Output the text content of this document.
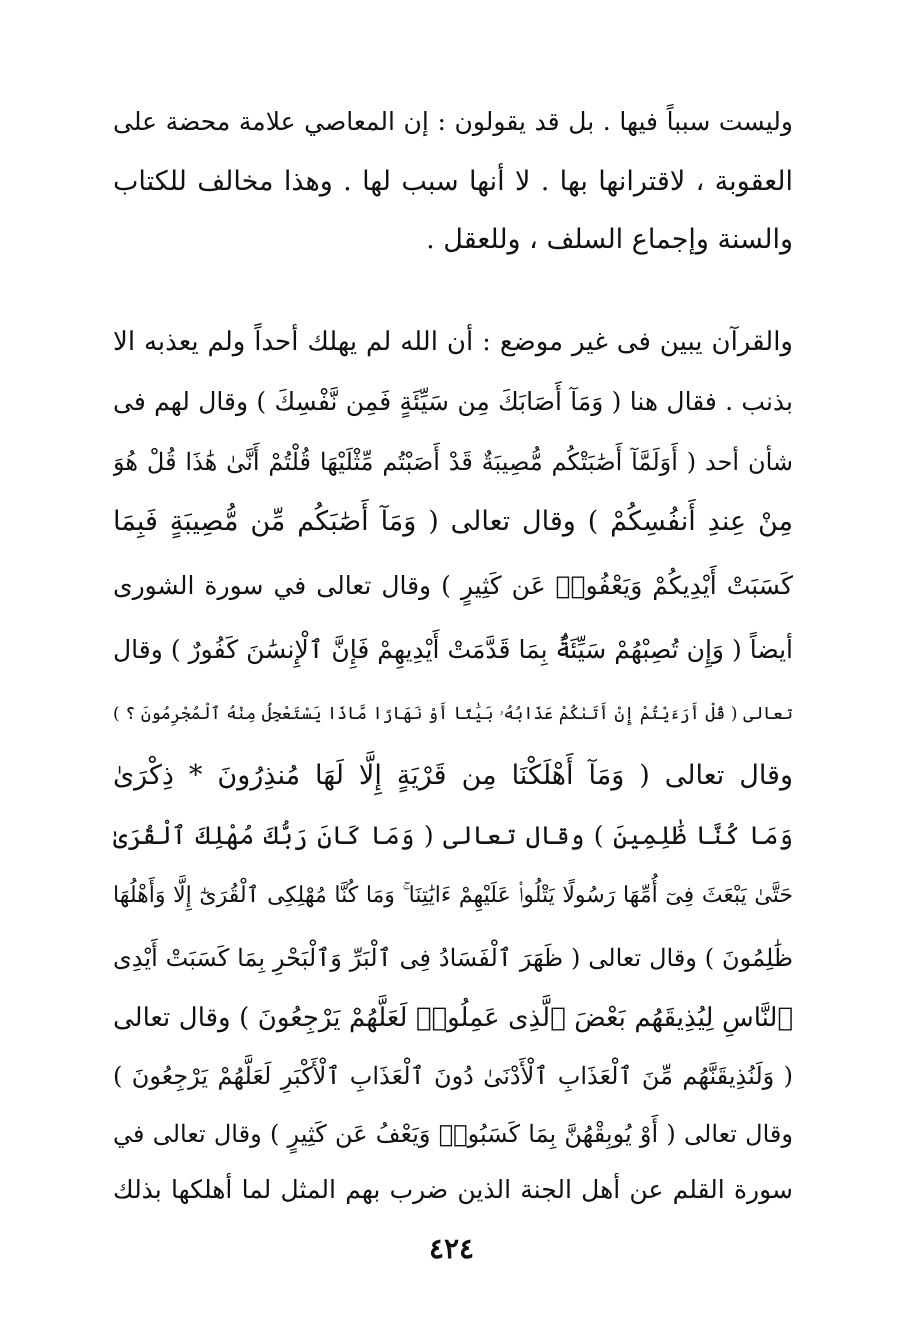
وليست سبباً فيها . بل قد يقولون : إن المعاصي علامة محضة على
العقوبة ، لاقترانها بها . لا أنها سبب لها . وهذا مخالف للكتاب
والسنة وإجماع السلف ، وللعقل .
والقرآن يبين فى غير موضع : أن الله لم يهلك أحداً ولم يعذبه الا
بذنب . فقال هنا ( وَمَآ أَصَابَكَ مِن سَيِّئَةٍ فَمِن نَّفْسِكَ ) وقال لهم فى
شأن أحد ( أَوَلَمَّآ أَصَٰبَتْكُم مُّصِيبَةٌ قَدْ أَصَبْتُم مِّثْلَيْهَا قُلْتُمْ أَنَّىٰ هَٰذَا قُلْ هُوَ
مِنْ عِندِ أَنفُسِكُمْ ) وقال تعالى ( وَمَآ أَصَٰبَكُم مِّن مُّصِيبَةٍ فَبِمَا
كَسَبَتْ أَيْدِيكُمْ وَيَعْفُوا۟ عَن كَثِيرٍ ) وقال تعالى في سورة الشورى
أيضاً ( وَإِن تُصِبْهُمْ سَيِّئَةٌۢ بِمَا قَدَّمَتْ أَيْدِيهِمْ فَإِنَّ ٱلْإِنسَٰنَ كَفُورٌ ) وقال
تعالى ( قُلْ أَرَءَيْتُمْ إِنْ أَتَىٰكُمْ عَذَابُهُۥ بَيَٰتًا أَوْ نَهَارًا مَّاذَا يَسْتَعْجِلُ مِنْهُ ٱلْمُجْرِمُونَ ؟ )
وقال تعالى ( وَمَآ أَهْلَكْنَا مِن قَرْيَةٍ إِلَّا لَهَا مُنذِرُونَ * ذِكْرَىٰ
وَمَا كُنَّا ظَٰلِمِينَ ) وقال تعالى ( وَمَا كَانَ رَبُّكَ مُهْلِكَ ٱلْقُرَىٰ
حَتَّىٰ يَبْعَثَ فِىٓ أُمِّهَا رَسُولًا يَتْلُوا۟ عَلَيْهِمْ ءَايَٰتِنَا ۚ وَمَا كُنَّا مُهْلِكِى ٱلْقُرَىٰٓ إِلَّا وَأَهْلُهَا
ظَٰلِمُونَ ) وقال تعالى ( ظَهَرَ ٱلْفَسَادُ فِى ٱلْبَرِّ وَٱلْبَحْرِ بِمَا كَسَبَتْ أَيْدِى
ٱلنَّاسِ لِيُذِيقَهُم بَعْضَ ٱلَّذِى عَمِلُوا۟ لَعَلَّهُمْ يَرْجِعُونَ ) وقال تعالى
( وَلَنُذِيقَنَّهُم مِّنَ ٱلْعَذَابِ ٱلْأَدْنَىٰ دُونَ ٱلْعَذَابِ ٱلْأَكْبَرِ لَعَلَّهُمْ يَرْجِعُونَ )
وقال تعالى ( أَوْ يُوبِقْهُنَّ بِمَا كَسَبُوا۟ وَيَعْفُ عَن كَثِيرٍ ) وقال تعالى في
سورة القلم عن أهل الجنة الذين ضرب بهم المثل لما أهلكها بذلك
٤٢٤
